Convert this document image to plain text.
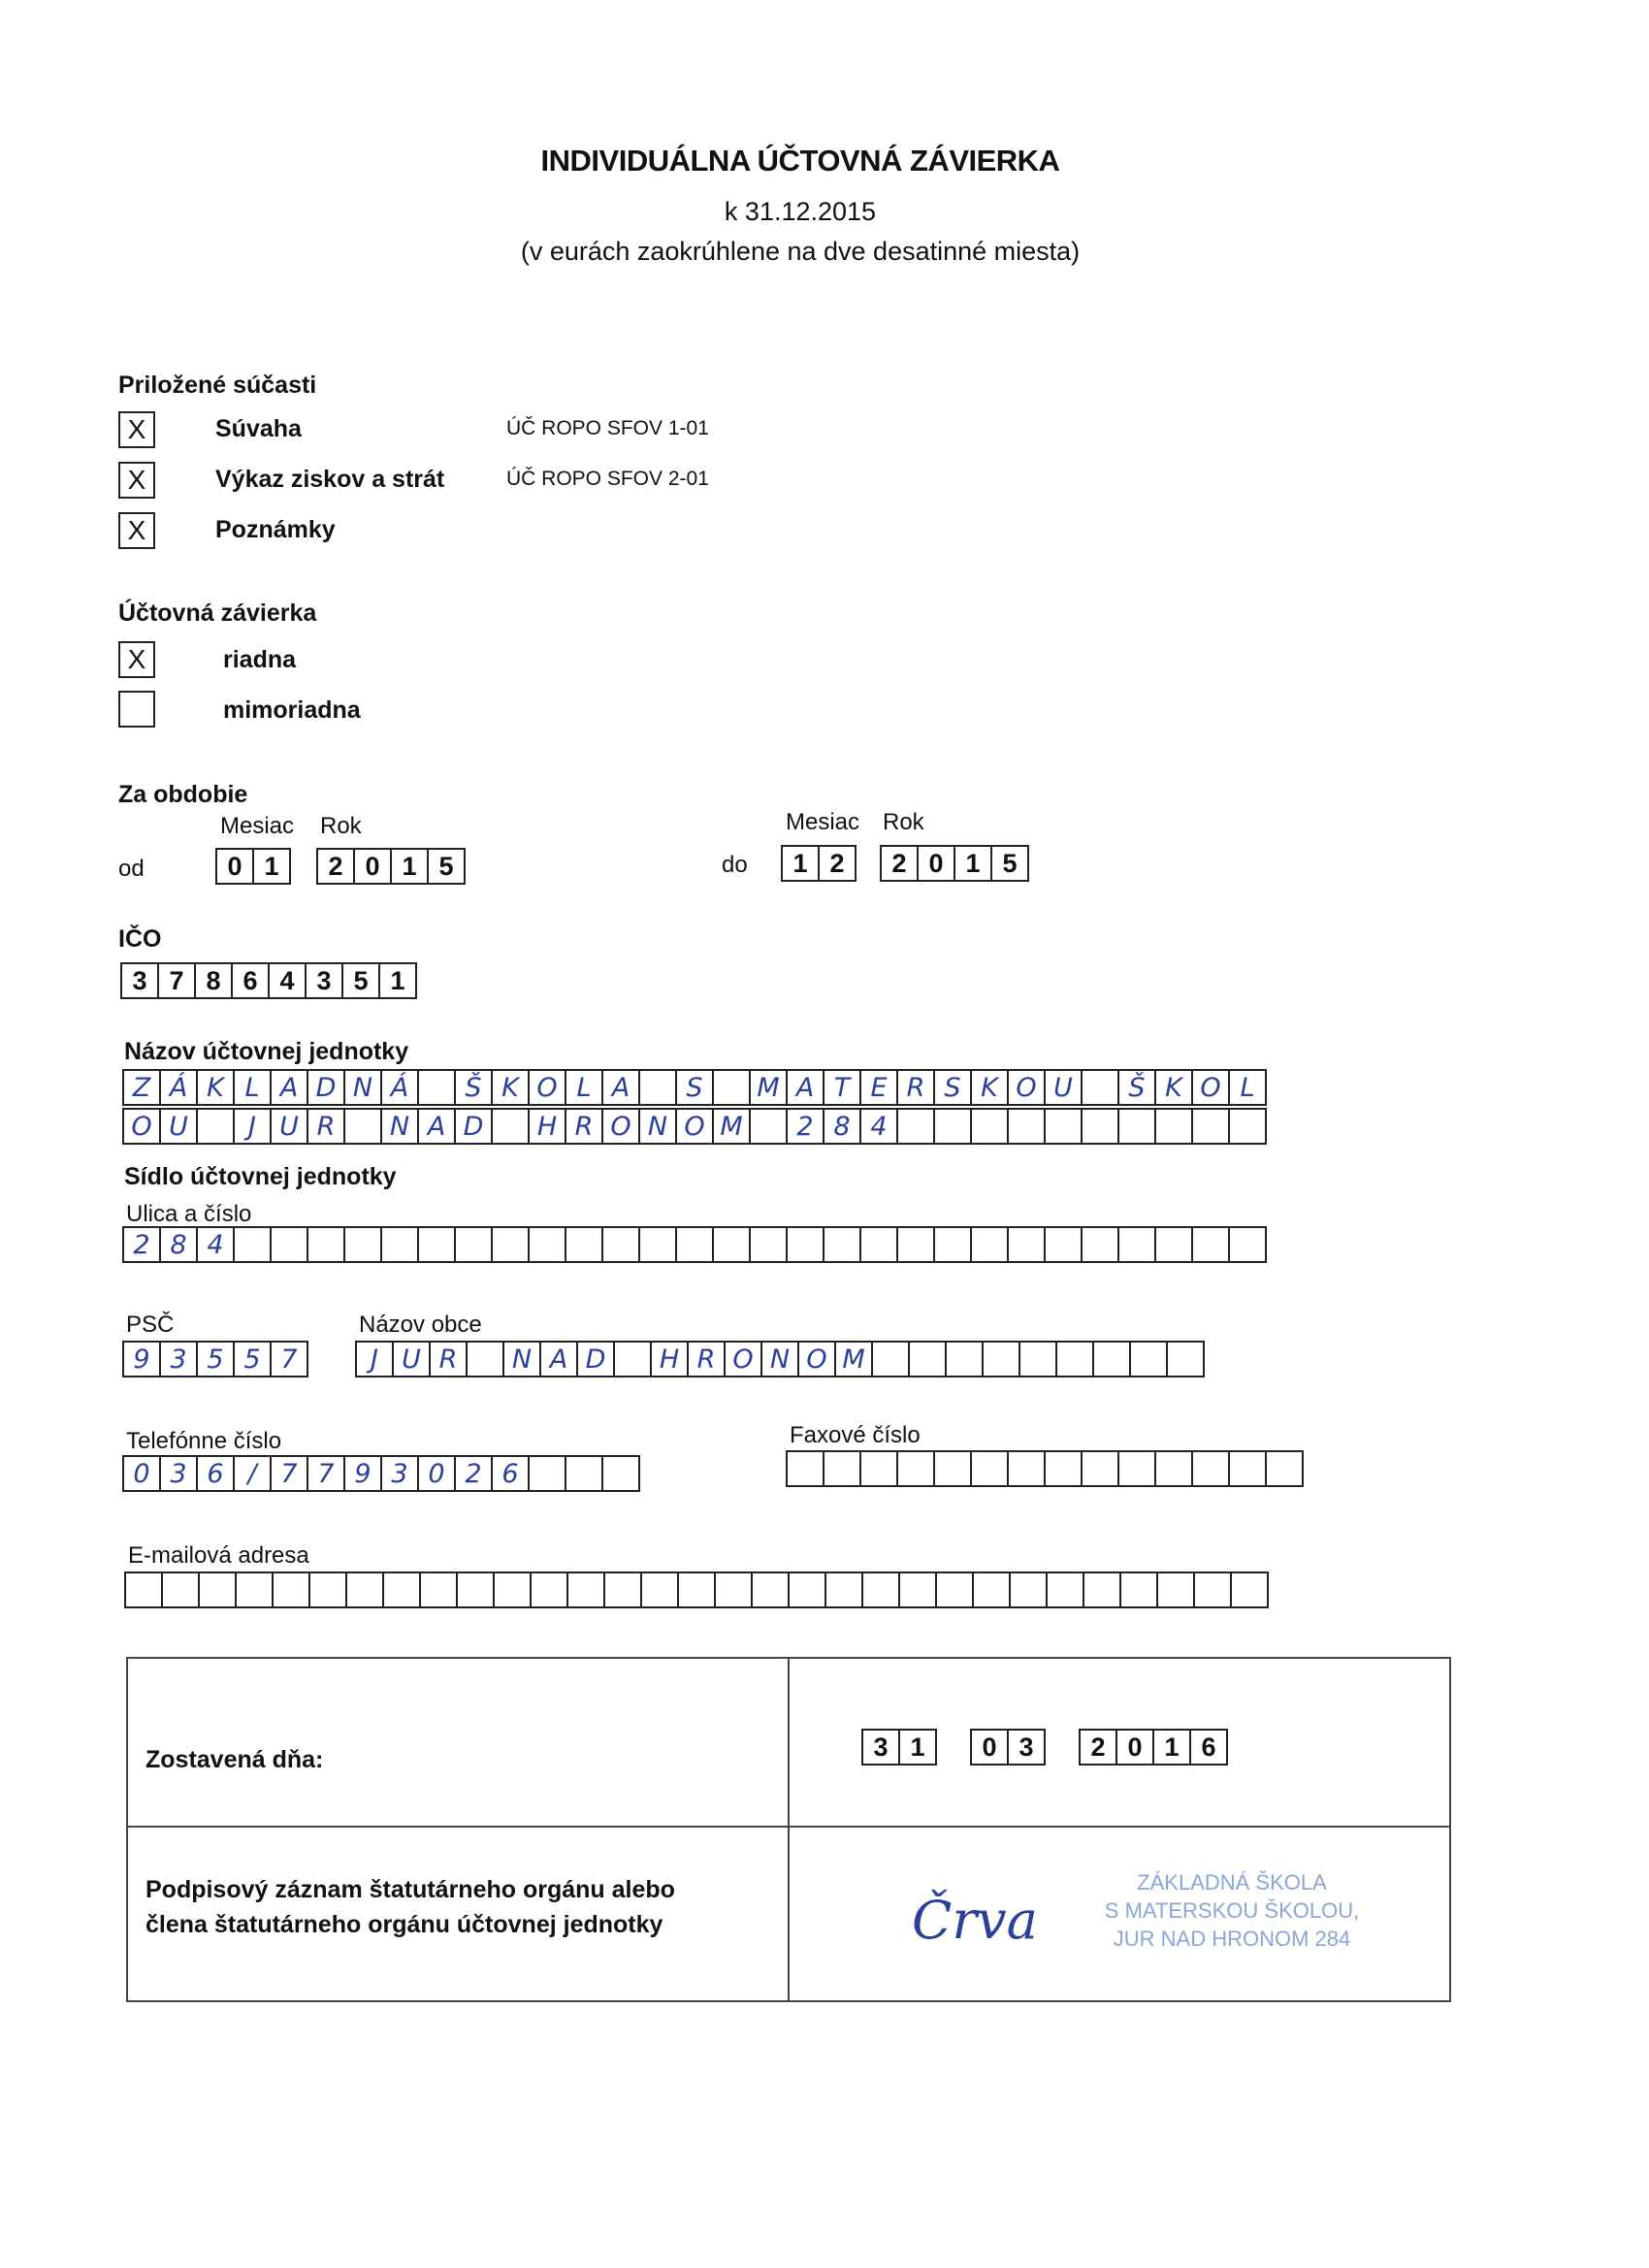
INDIVIDUÁLNA ÚČTOVNÁ ZÁVIERKA
k 31.12.2015
(v eurách zaokrúhlene na dve desatinné miesta)
Priložené súčasti
X	Súvaha	ÚČ ROPO SFOV 1-01
X	Výkaz ziskov a strát	ÚČ ROPO SFOV 2-01
X	Poznámky
Účtovná závierka
X	riadna
mimoriadna
Za obdobie
Mesiac Rok
od	0 1	2 0 1 5
Mesiac Rok
do	1 2	2 0 1 5
IČO
3 7 8 6 4 3 5 1
Názov účtovnej jednotky
Z Á K L A D N Á	Š K O L A	S	M A T E R S K O U	Š K O L
O U	J U R	N A D	H R O N O M	2 8 4
Sídlo účtovnej jednotky
Ulica a číslo
2 8 4
PSČ
9 3 5 5 7
Názov obce
J U R	N A D	H R O N O M
Telefónne číslo
0 3 6 / 7 7 9 3 0 2 6
Faxové číslo
E-mailová adresa
Zostavená dňa:	3 1	0 3	2 0 1 6
Podpisový záznam štatutárneho orgánu alebo
člena štatutárneho orgánu účtovnej jednotky	Črva
ZÁKLADNÁ ŠKOLA
S MATERSKOU ŠKOLOU,
JUR NAD HRONOM 284
